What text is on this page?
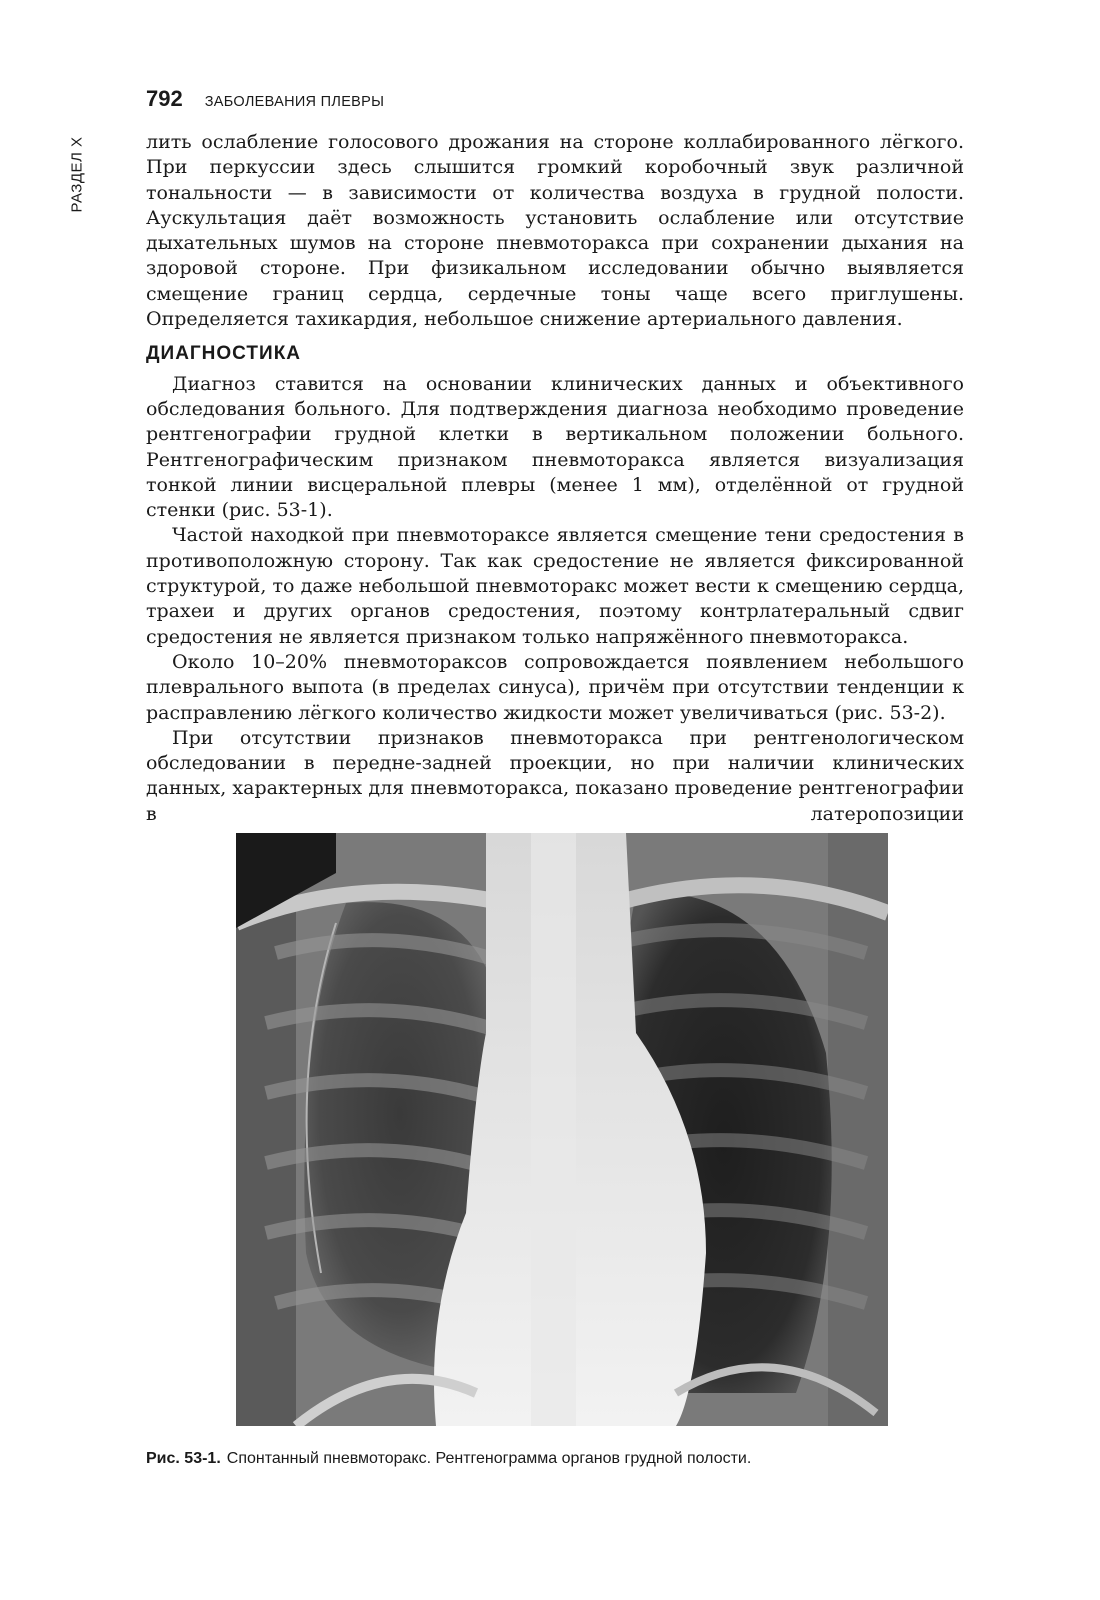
РАЗДЕЛ X
792 ЗАБОЛЕВАНИЯ ПЛЕВРЫ

лить ослабление голосового дрожания на стороне коллабированного лёгкого. При перкуссии здесь слышится громкий коробочный звук различной тональности — в зависимости от количества воздуха в грудной полости. Аускультация даёт возможность установить ослабление или отсутствие дыхательных шумов на стороне пневмоторакса при сохранении дыхания на здоровой стороне. При физикальном исследовании обычно выявляется смещение границ сердца, сердечные тоны чаще всего приглушены. Определяется тахикардия, небольшое снижение артериального давления.

ДИАГНОСТИКА

Диагноз ставится на основании клинических данных и объективного обследования больного. Для подтверждения диагноза необходимо проведение рентгенографии грудной клетки в вертикальном положении больного. Рентгенографическим признаком пневмоторакса является визуализация тонкой линии висцеральной плевры (менее 1 мм), отделённой от грудной стенки (рис. 53-1).

Частой находкой при пневмотораксе является смещение тени средостения в противоположную сторону. Так как средостение не является фиксированной структурой, то даже небольшой пневмоторакс может вести к смещению сердца, трахеи и других органов средостения, поэтому контрлатеральный сдвиг средостения не является признаком только напряжённого пневмоторакса.

Около 10–20% пневмотораксов сопровождается появлением небольшого плеврального выпота (в пределах синуса), причём при отсутствии тенденции к расправлению лёгкого количество жидкости может увеличиваться (рис. 53-2).

При отсутствии признаков пневмоторакса при рентгенологическом обследовании в передне-задней проекции, но при наличии клинических данных, характерных для пневмоторакса, показано проведение рентгенографии в латеропозиции

Рис. 53-1. Спонтанный пневмоторакс. Рентгенограмма органов грудной полости.
